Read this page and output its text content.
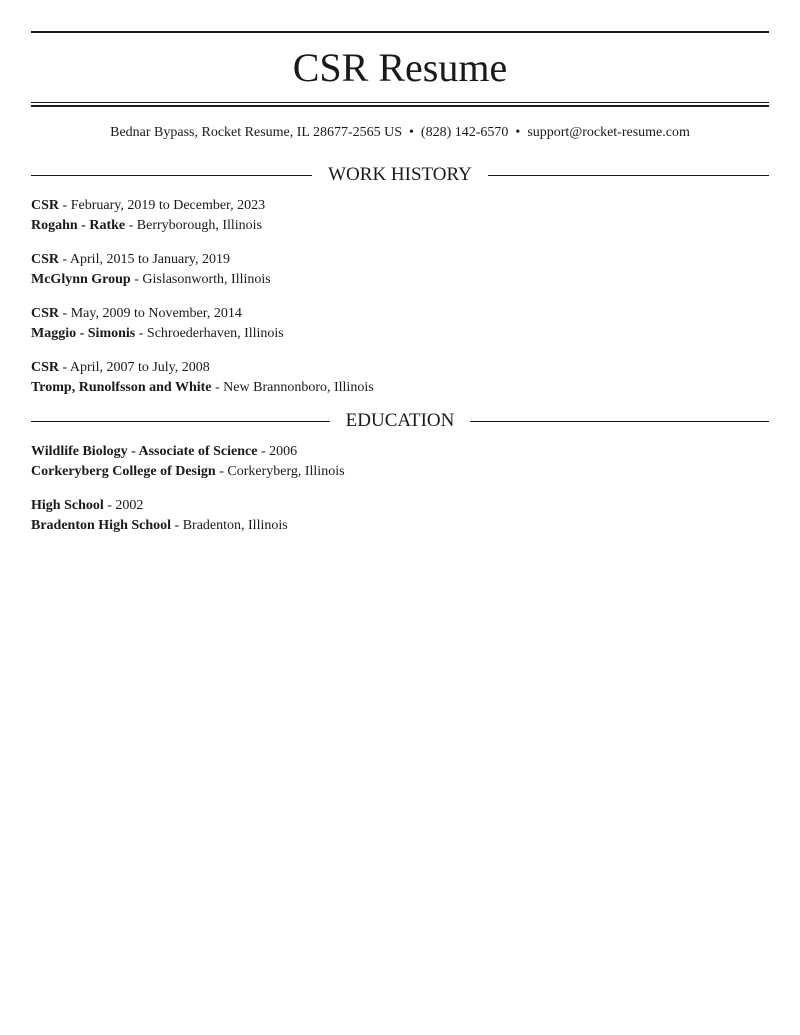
CSR Resume
Bednar Bypass, Rocket Resume, IL 28677-2565 US • (828) 142-6570 • support@rocket-resume.com
WORK HISTORY
CSR - February, 2019 to December, 2023
Rogahn - Ratke - Berryborough, Illinois
CSR - April, 2015 to January, 2019
McGlynn Group - Gislasonworth, Illinois
CSR - May, 2009 to November, 2014
Maggio - Simonis - Schroederhaven, Illinois
CSR - April, 2007 to July, 2008
Tromp, Runolfsson and White - New Brannonboro, Illinois
EDUCATION
Wildlife Biology - Associate of Science - 2006
Corkeryberg College of Design - Corkeryberg, Illinois
High School - 2002
Bradenton High School - Bradenton, Illinois
